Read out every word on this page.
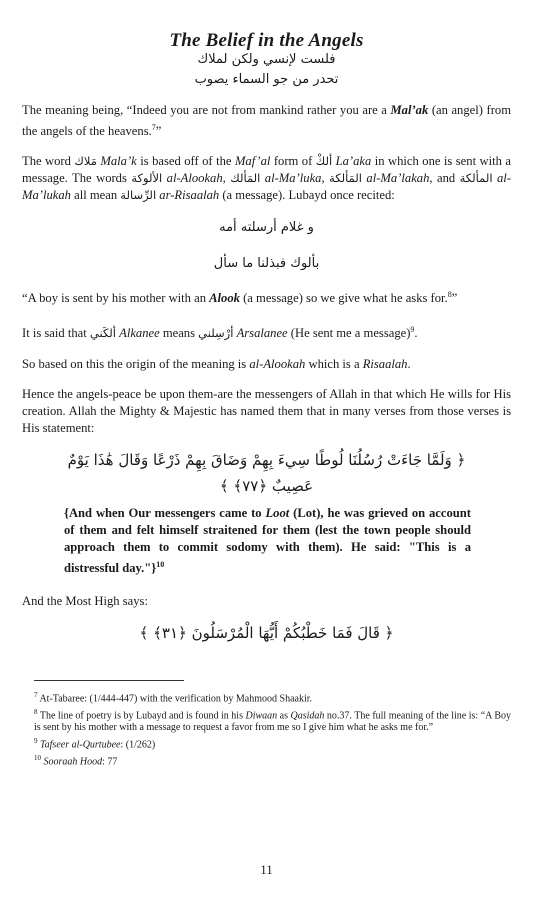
The Belief in the Angels
فلست لإنسي ولكن لملاك
تحدر من جو السماء يصوب

The meaning being, “Indeed you are not from mankind rather you are a Mal’ak (an angel) from the angels of the heavens.$^7$”

The word مَلاك Mala’k is based off of the Maf’al form of ألكْ La’aka in which one is sent with a message. The words الألوكة al-Alookah, المَألك al-Ma’luka, المَألكة al-Ma’lakah, and المألكة al-Ma’lukah all mean الرِّسالة ar-Risaalah (a message). Lubayd once recited:

و غلام أرسلته أمه
بألوك فبذلنا ما سأل

“A boy is sent by his mother with an Alook (a message) so we give what he asks for.$^8$”

It is said that ألكَني Alkanee means أرْسِلني Arsalanee (He sent me a message)$^9$.

So based on this the origin of the meaning is al-Alookah which is a Risaalah.

Hence the angels-peace be upon them-are the messengers of Allah in that which He wills for His creation. Allah the Mighty & Majestic has named them that in many verses from those verses is His statement:

﴿ وَلَمَّا جَاءَتْ رُسُلُنَا لُوطًا سِيءَ بِهِمْ وَضَاقَ بِهِمْ ذَرْعًا وَقَالَ هَٰذَا يَوْمٌ
عَصِيبٌ ﴿٧٧﴾ ﴾

{And when Our messengers came to Loot (Lot), he was grieved on account of them and felt himself straitened for them (lest the town people should approach them to commit sodomy with them). He said: "This is a distressful day."}$^{10}$

And the Most High says:

﴿ قَالَ فَمَا خَطْبُكُمْ أَيُّهَا الْمُرْسَلُونَ ﴿٣١﴾ ﴾

$^7$ At-Tabaree: (1/444-447) with the verification by Mahmood Shaakir.

$^8$ The line of poetry is by Lubayd and is found in his Diwaan as Qasidah no.37. The full meaning of the line is: “A Boy is sent by his mother with a message to request a favor from me so I give him what he asks me for.”

$^9$ Tafseer al-Qurtubee: (1/262)

$^{10}$ Sooraah Hood: 77

11
